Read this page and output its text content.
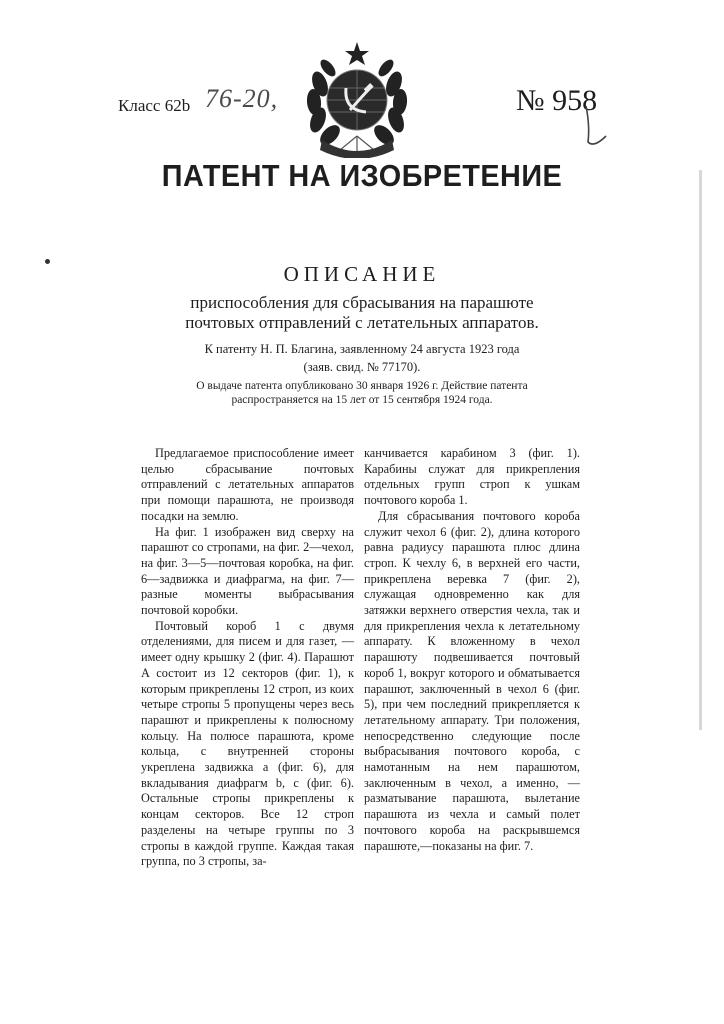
Класс 62b 76-20,	№ 958
ПАТЕНТ НА ИЗОБРЕТЕНИЕ
ОПИСАНИЕ
приспособления для сбрасывания на парашюте
почтовых отправлений с летательных аппаратов.
К патенту Н. П. Благина, заявленному 24 августа 1923 года
(заяв. свид. № 77170).
О выдаче патента опубликовано 30 января 1926 г. Действие патента
распространяется на 15 лет от 15 сентября 1924 года.

Предлагаемое приспособление имеет целью сбрасывание почтовых отправлений с летательных аппаратов при помощи парашюта, не производя посадки на землю.

На фиг. 1 изображен вид сверху на парашют со стропами, на фиг. 2—чехол, на фиг. 3—5—почтовая коробка, на фиг. 6—задвижка и диафрагма, на фиг. 7—разные моменты выбрасывания почтовой коробки.

Почтовый короб 1 с двумя отделениями, для писем и для газет, — имеет одну крышку 2 (фиг. 4). Парашют A состоит из 12 секторов (фиг. 1), к которым прикреплены 12 строп, из коих четыре стропы 5 пропущены через весь парашют и прикреплены к полюсному кольцу. На полюсе парашюта, кроме кольца, с внутренней стороны укреплена задвижка a (фиг. 6), для вкладывания диафрагм b, c (фиг. 6). Остальные стропы прикреплены к концам секторов. Все 12 строп разделены на четыре группы по 3 стропы в каждой группе. Каждая такая группа, по 3 стропы, за-

канчивается карабином 3 (фиг. 1). Карабины служат для прикрепления отдельных групп строп к ушкам почтового короба 1.

Для сбрасывания почтового короба служит чехол 6 (фиг. 2), длина которого равна радиусу парашюта плюс длина строп. К чехлу 6, в верхней его части, прикреплена веревка 7 (фиг. 2), служащая одновременно как для затяжки верхнего отверстия чехла, так и для прикрепления чехла к летательному аппарату. К вложенному в чехол парашюту подвешивается почтовый короб 1, вокруг которого и обматывается парашют, заключенный в чехол 6 (фиг. 5), при чем последний прикрепляется к летательному аппарату. Три положения, непосредственно следующие после выбрасывания почтового короба, с намотанным на нем парашютом, заключенным в чехол, а именно, — разматывание парашюта, вылетание парашюта из чехла и самый полет почтового короба на раскрывшемся парашюте,—показаны на фиг. 7.
